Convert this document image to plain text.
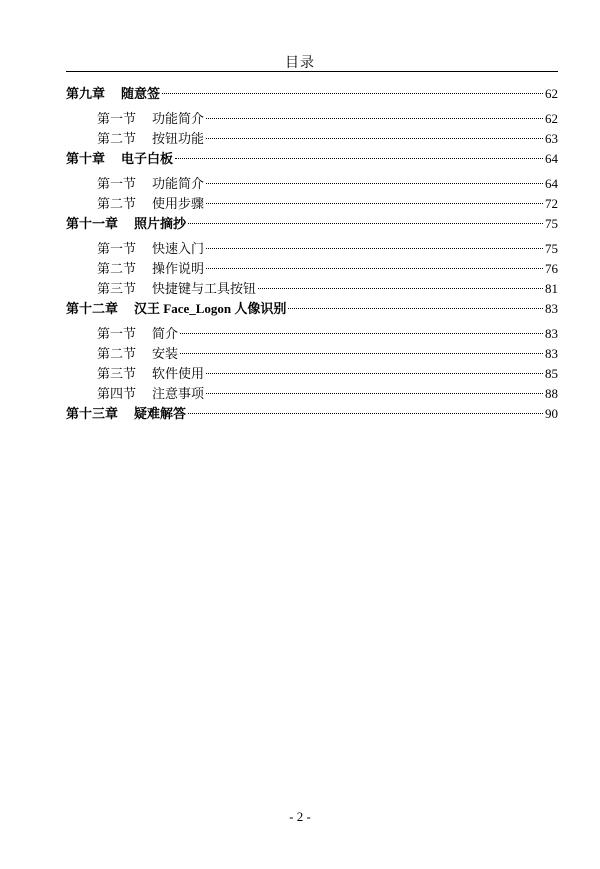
目录
第九章 随意签	62
第一节 功能简介	62
第二节 按钮功能	63
第十章 电子白板	64
第一节 功能简介	64
第二节 使用步骤	72
第十一章 照片摘抄	75
第一节 快速入门	75
第二节 操作说明	76
第三节 快捷键与工具按钮	81
第十二章 汉王 Face_Logon 人像识别	83
第一节 简介	83
第二节 安装	83
第三节 软件使用	85
第四节 注意事项	88
第十三章 疑难解答	90
- 2 -
